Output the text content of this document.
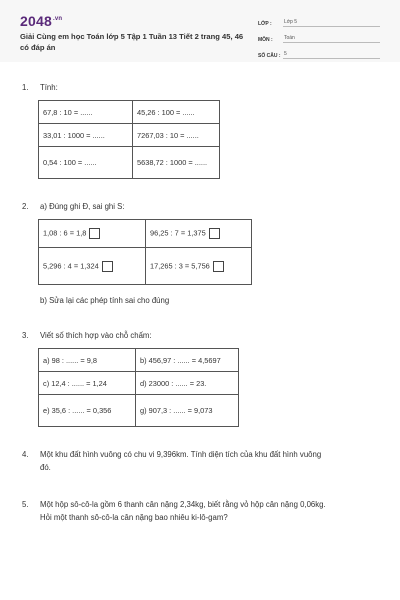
$2048^{.vn}$
Giải Cùng em học Toán lớp 5 Tập 1 Tuần 13 Tiết 2 trang 45, 46 có đáp án
LỚP :	Lớp 5
MÔN :	Toán
SỐ CÂU : 5
1. Tính:
67,8 : 10 = ......	45,26 : 100 = ......
33,01 : 1000 = ......	7267,03 : 10 = ......
0,54 : 100 = ......	5638,72 : 1000 = ......
2. a) Đúng ghi Đ, sai ghi S:
1,08 : 6 = 1,8	96,25 : 7 = 1,375
5,296 : 4 = 1,324	17,265 : 3 = 5,756
b) Sửa lại các phép tính sai cho đúng
3. Viết số thích hợp vào chỗ chấm:
a) 98 : ...... = 9,8	b) 456,97 : ...... = 4,5697
c) 12,4 : ...... = 1,24	d) 23000 : ...... = 23.
e) 35,6 : ...... = 0,356	g) 907,3 : ...... = 9,073
4. Một khu đất hình vuông có chu vi 9,396km. Tính diện tích của khu đất hình vuông
đó.
5. Một hộp sô-cô-la gồm 6 thanh cân nặng 2,34kg, biết rằng vỏ hộp cân nặng 0,06kg.
Hỏi một thanh sô-cô-la cân nặng bao nhiêu ki-lô-gam?
